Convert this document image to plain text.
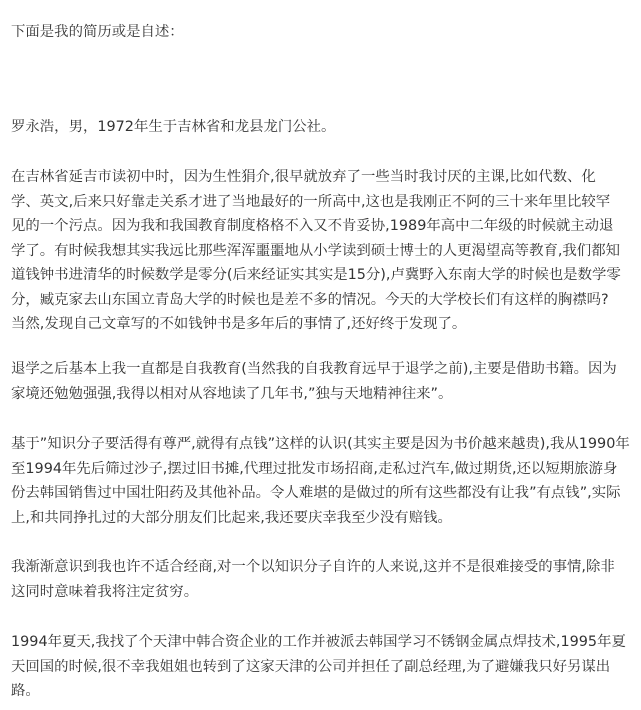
下面是我的简历或是自述：

罗永浩，男，1972年生于吉林省和龙县龙门公社。

在吉林省延吉市读初中时，因为生性狷介,很早就放弃了一些当时我讨厌的主课,比如代数、化
学、英文,后来只好靠走关系才进了当地最好的一所高中,这也是我刚正不阿的三十来年里比较罕
见的一个污点。因为我和我国教育制度格格不入又不肯妥协,1989年高中二年级的时候就主动退
学了。有时候我想其实我远比那些浑浑噩噩地从小学读到硕士博士的人更渴望高等教育,我们都知
道钱钟书进清华的时候数学是零分(后来经证实其实是15分),卢冀野入东南大学的时候也是数学零
分，臧克家去山东国立青岛大学的时候也是差不多的情况。今天的大学校长们有这样的胸襟吗?
当然,发现自己文章写的不如钱钟书是多年后的事情了,还好终于发现了。

退学之后基本上我一直都是自我教育(当然我的自我教育远早于退学之前),主要是借助书籍。因为
家境还勉勉强强,我得以相对从容地读了几年书,”独与天地精神往来”。

基于”知识分子要活得有尊严,就得有点钱”这样的认识(其实主要是因为书价越来越贵),我从1990年
至1994年先后筛过沙子,摆过旧书摊,代理过批发市场招商,走私过汽车,做过期货,还以短期旅游身
份去韩国销售过中国壮阳药及其他补品。令人难堪的是做过的所有这些都没有让我”有点钱”,实际
上,和共同挣扎过的大部分朋友们比起来,我还要庆幸我至少没有赔钱。

我渐渐意识到我也许不适合经商,对一个以知识分子自许的人来说,这并不是很难接受的事情,除非
这同时意味着我将注定贫穷。

1994年夏天,我找了个天津中韩合资企业的工作并被派去韩国学习不锈钢金属点焊技术,1995年夏
天回国的时候,很不幸我姐姐也转到了这家天津的公司并担任了副总经理,为了避嫌我只好另谋出
路。
